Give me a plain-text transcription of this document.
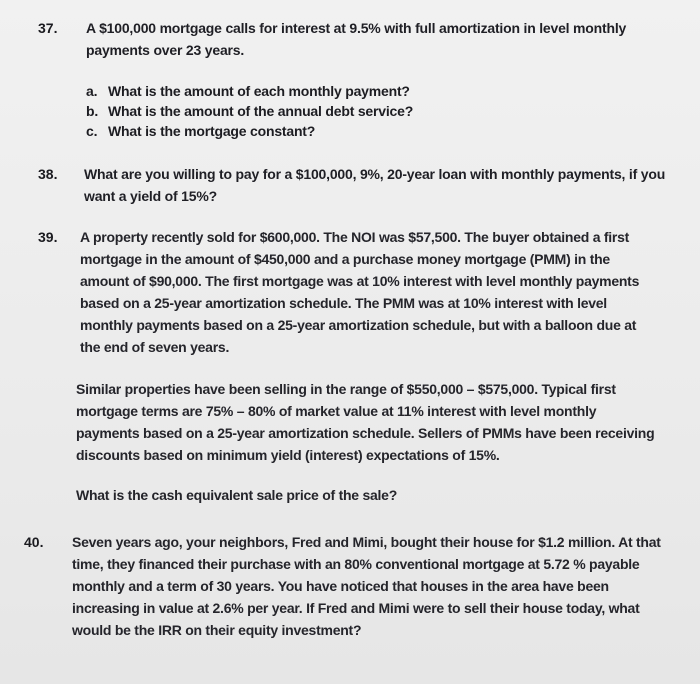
37. A $100,000 mortgage calls for interest at 9.5% with full amortization in level monthly payments over 23 years.
a. What is the amount of each monthly payment?
b. What is the amount of the annual debt service?
c. What is the mortgage constant?
38. What are you willing to pay for a $100,000, 9%, 20-year loan with monthly payments, if you want a yield of 15%?
39. A property recently sold for $600,000. The NOI was $57,500. The buyer obtained a first mortgage in the amount of $450,000 and a purchase money mortgage (PMM) in the amount of $90,000. The first mortgage was at 10% interest with level monthly payments based on a 25-year amortization schedule. The PMM was at 10% interest with level monthly payments based on a 25-year amortization schedule, but with a balloon due at the end of seven years.
Similar properties have been selling in the range of $550,000 – $575,000. Typical first mortgage terms are 75% – 80% of market value at 11% interest with level monthly payments based on a 25-year amortization schedule. Sellers of PMMs have been receiving discounts based on minimum yield (interest) expectations of 15%.
What is the cash equivalent sale price of the sale?
40. Seven years ago, your neighbors, Fred and Mimi, bought their house for $1.2 million. At that time, they financed their purchase with an 80% conventional mortgage at 5.72 % payable monthly and a term of 30 years. You have noticed that houses in the area have been increasing in value at 2.6% per year. If Fred and Mimi were to sell their house today, what would be the IRR on their equity investment?
